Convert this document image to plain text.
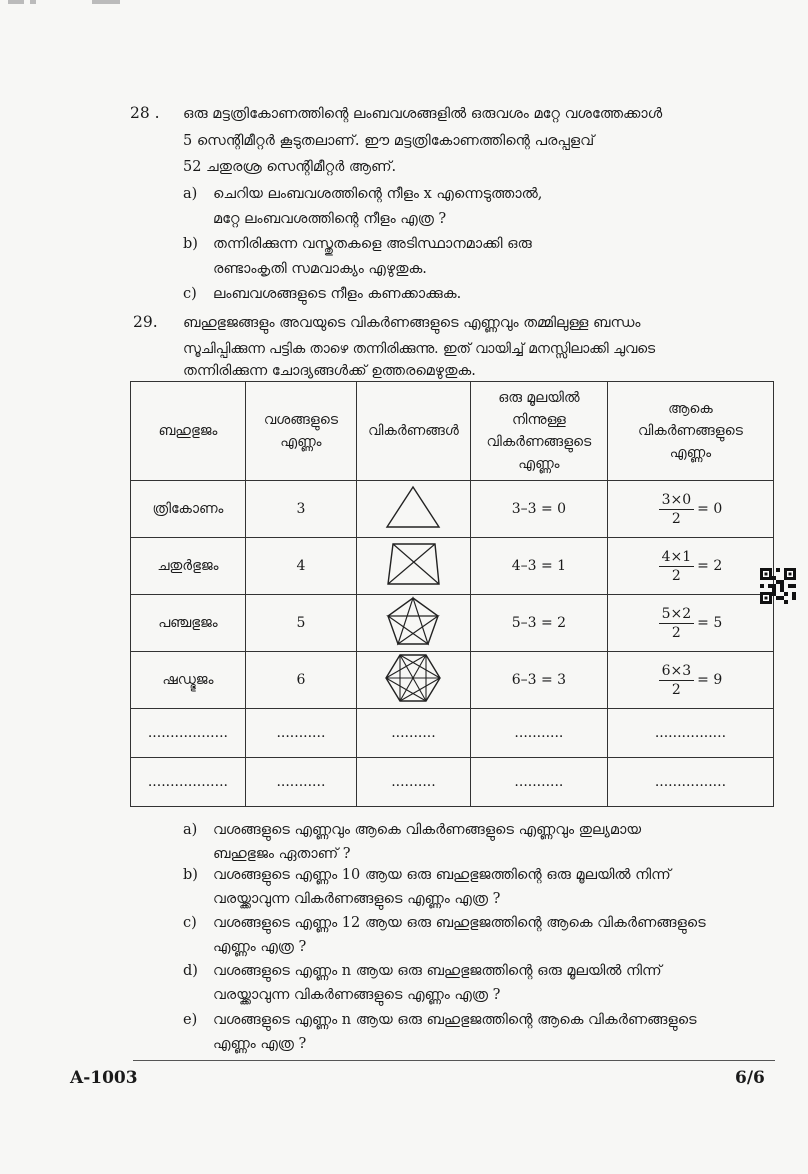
28 . ഒരു മട്ടത്രികോണത്തിന്റെ ലംബവശങ്ങളിൽ ഒരുവശം മറ്റേ വശത്തേക്കാൾ
5 സെന്റിമീറ്റർ കൂടുതലാണ്. ഈ മട്ടത്രികോണത്തിന്റെ പരപ്പളവ്
52 ചതുരശ്ര സെന്റിമീറ്റർ ആണ്.
a) ചെറിയ ലംബവശത്തിന്റെ നീളം x എന്നെടുത്താൽ,
മറ്റേ ലംബവശത്തിന്റെ നീളം എത്ര ?
b) തന്നിരിക്കുന്ന വസ്തുതകളെ അടിസ്ഥാനമാക്കി ഒരു
രണ്ടാംകൃതി സമവാക്യം എഴുതുക.
c) ലംബവശങ്ങളുടെ നീളം കണക്കാക്കുക.
29. ബഹുഭുജങ്ങളും അവയുടെ വികർണങ്ങളുടെ എണ്ണവും തമ്മിലുള്ള ബന്ധം
സൂചിപ്പിക്കുന്ന പട്ടിക താഴെ തന്നിരിക്കുന്നു. ഇത് വായിച്ച് മനസ്സിലാക്കി ചുവടെ
തന്നിരിക്കുന്ന ചോദ്യങ്ങൾക്ക് ഉത്തരമെഴുതുക.
ബഹുഭുജം	വശങ്ങളുടെ എണ്ണം	വികർണങ്ങൾ	ഒരു മൂലയിൽ നിന്നുള്ള വികർണങ്ങളുടെ എണ്ണം	ആകെ വികർണങ്ങളുടെ എണ്ണം
ത്രികോണം	3		3–3 = 0	$\frac{3\times 0}{2} = 0$

ചതുർഭുജം	4		4–3 = 1	$\frac{4\times 1}{2} = 2$

പഞ്ചഭുജം	5		5–3 = 2	$\frac{5\times 2}{2} = 5$

ഷഡ്ഭുജം	6		6–3 = 3	$\frac{6\times 3}{2} = 9$

..................	...........	..........	...........	................
..................	...........	..........	...........	................
a) വശങ്ങളുടെ എണ്ണവും ആകെ വികർണങ്ങളുടെ എണ്ണവും തുല്യമായ
ബഹുഭുജം ഏതാണ് ?
b) വശങ്ങളുടെ എണ്ണം 10 ആയ ഒരു ബഹുഭുജത്തിന്റെ ഒരു മൂലയിൽ നിന്ന്
വരയ്ക്കാവുന്ന വികർണങ്ങളുടെ എണ്ണം എത്ര ?
c) വശങ്ങളുടെ എണ്ണം 12 ആയ ഒരു ബഹുഭുജത്തിന്റെ ആകെ വികർണങ്ങളുടെ
എണ്ണം എത്ര ?
d) വശങ്ങളുടെ എണ്ണം n ആയ ഒരു ബഹുഭുജത്തിന്റെ ഒരു മൂലയിൽ നിന്ന്
വരയ്ക്കാവുന്ന വികർണങ്ങളുടെ എണ്ണം എത്ര ?
e) വശങ്ങളുടെ എണ്ണം n ആയ ഒരു ബഹുഭുജത്തിന്റെ ആകെ വികർണങ്ങളുടെ
എണ്ണം എത്ര ?
A-1003	6/6
